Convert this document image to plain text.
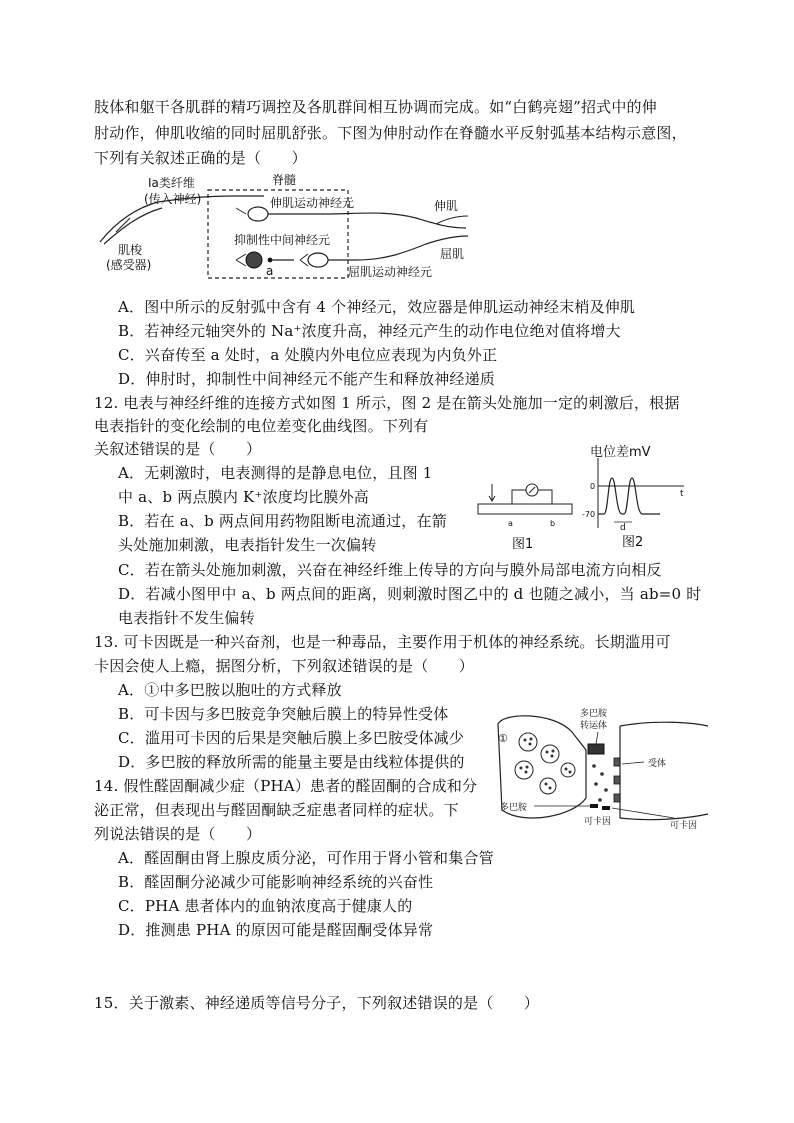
肢体和躯干各肌群的精巧调控及各肌群间相互协调而完成。如“白鹤亮翅”招式中的伸
肘动作，伸肌收缩的同时屈肌舒张。下图为伸肘动作在脊髓水平反射弧基本结构示意图，
下列有关叙述正确的是（　　）
Ia类纤维
(传入神经)
脊髓
伸肌运动神经元
抑制性中间神经元
a
肌梭
(感受器)	屈肌运动神经元
伸肌
屈肌
A．图中所示的反射弧中含有 4 个神经元，效应器是伸肌运动神经末梢及伸肌
B．若神经元轴突外的 Na⁺浓度升高，神经元产生的动作电位绝对值将增大
C．兴奋传至 a 处时，a 处膜内外电位应表现为内负外正
D．伸肘时，抑制性中间神经元不能产生和释放神经递质
12. 电表与神经纤维的连接方式如图 1 所示，图 2 是在箭头处施加一定的刺激后，根据
电表指针的变化绘制的电位差变化曲线图。下列有
关叙述错误的是（　　）
A．无刺激时，电表测得的是静息电位，且图 1
中 a、b 两点膜内 K⁺浓度均比膜外高
B．若在 a、b 两点间用药物阻断电流通过，在箭
头处施加刺激，电表指针发生一次偏转
C．若在箭头处施加刺激，兴奋在神经纤维上传导的方向与膜外局部电流方向相反
D．若减小图甲中 a、b 两点间的距离，则刺激时图乙中的 d 也随之减小，当 ab=0 时
电表指针不发生偏转
a	b
图1
电位差mV
0
-70
t
d
图2
13. 可卡因既是一种兴奋剂，也是一种毒品，主要作用于机体的神经系统。长期滥用可
卡因会使人上瘾，据图分析，下列叙述错误的是（　　）
A．①中多巴胺以胞吐的方式释放
B．可卡因与多巴胺竞争突触后膜上的特异性受体
C．滥用可卡因的后果是突触后膜上多巴胺受体减少
D．多巴胺的释放所需的能量主要是由线粒体提供的
①
多巴胺
转运体
受体
多巴胺
可卡因	可卡因
14. 假性醛固酮减少症（PHA）患者的醛固酮的合成和分
泌正常，但表现出与醛固酮缺乏症患者同样的症状。下
列说法错误的是（　　）
A．醛固酮由肾上腺皮质分泌，可作用于肾小管和集合管
B．醛固酮分泌减少可能影响神经系统的兴奋性
C．PHA 患者体内的血钠浓度高于健康人的
D．推测患 PHA 的原因可能是醛固酮受体异常
15．关于激素、神经递质等信号分子，下列叙述错误的是（　　）
